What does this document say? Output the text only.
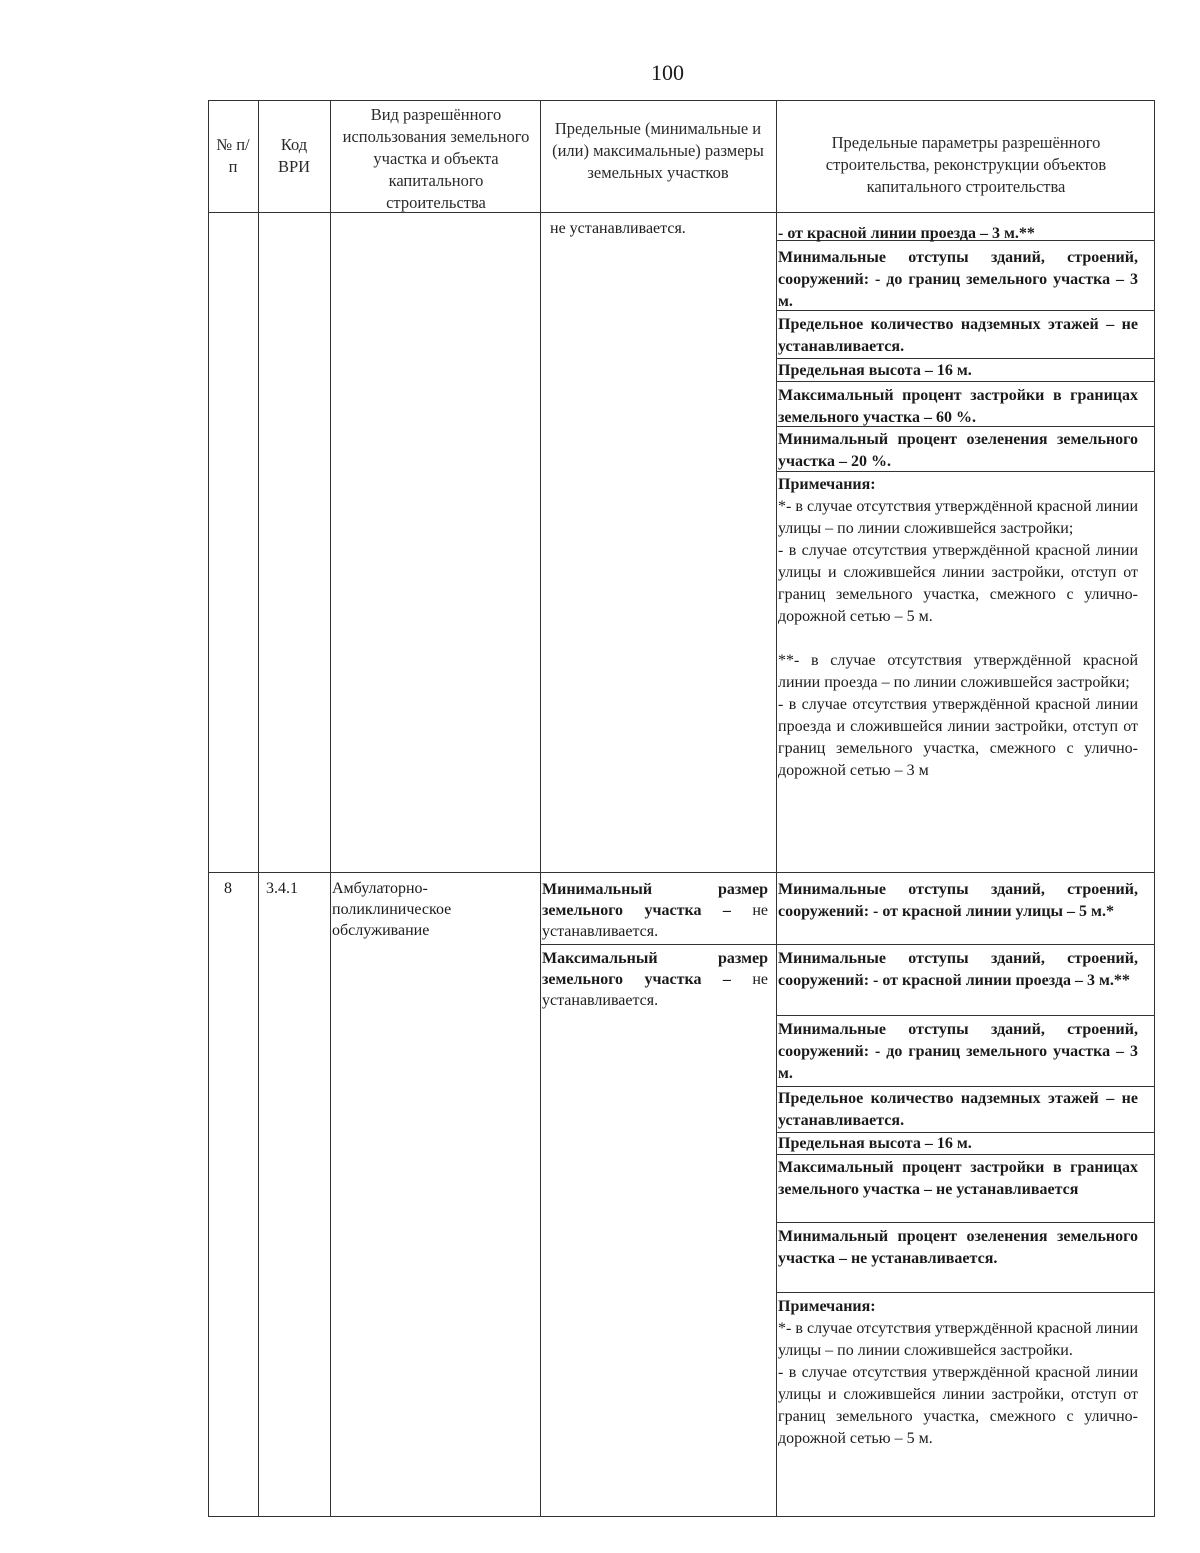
100
№ п/п
Код ВРИ
Вид разрешённого использования земельного участка и объекта капитального строительства
Предельные (минимальные и (или) максимальные) размеры земельных участков
Предельные параметры разрешённого строительства, реконструкции объектов капитального строительства
не устанавливается.
8	3.4.1	Амбулаторно-поликлиническое обслуживание
Минимальный размер земельного участка – не устанавливается.
Максимальный размер земельного участка – не устанавливается.
- от красной линии проезда – 3 м.**
Минимальные отступы зданий, строений, сооружений: - до границ земельного участка – 3 м.
Предельное количество надземных этажей – не устанавливается.
Предельная высота – 16 м.
Максимальный процент застройки в границах земельного участка – 60 %.
Минимальный процент озеленения земельного участка – 20 %.
Примечания:
*- в случае отсутствия утверждённой красной линии улицы – по линии сложившейся застройки;
- в случае отсутствия утверждённой красной линии улицы и сложившейся линии застройки, отступ от границ земельного участка, смежного с улично-дорожной сетью – 5 м.

**- в случае отсутствия утверждённой красной линии проезда – по линии сложившейся застройки;
- в случае отсутствия утверждённой красной линии проезда и сложившейся линии застройки, отступ от границ земельного участка, смежного с улично-дорожной сетью – 3 м
Минимальные отступы зданий, строений, сооружений: - от красной линии улицы – 5 м.*
Минимальные отступы зданий, строений, сооружений: - от красной линии проезда – 3 м.**
Минимальные отступы зданий, строений, сооружений: - до границ земельного участка – 3 м.
Предельное количество надземных этажей – не устанавливается.
Предельная высота – 16 м.
Максимальный процент застройки в границах земельного участка – не устанавливается
Минимальный процент озеленения земельного участка – не устанавливается.
Примечания:
*- в случае отсутствия утверждённой красной линии улицы – по линии сложившейся застройки.
- в случае отсутствия утверждённой красной линии улицы и сложившейся линии застройки, отступ от границ земельного участка, смежного с улично-дорожной сетью – 5 м.
